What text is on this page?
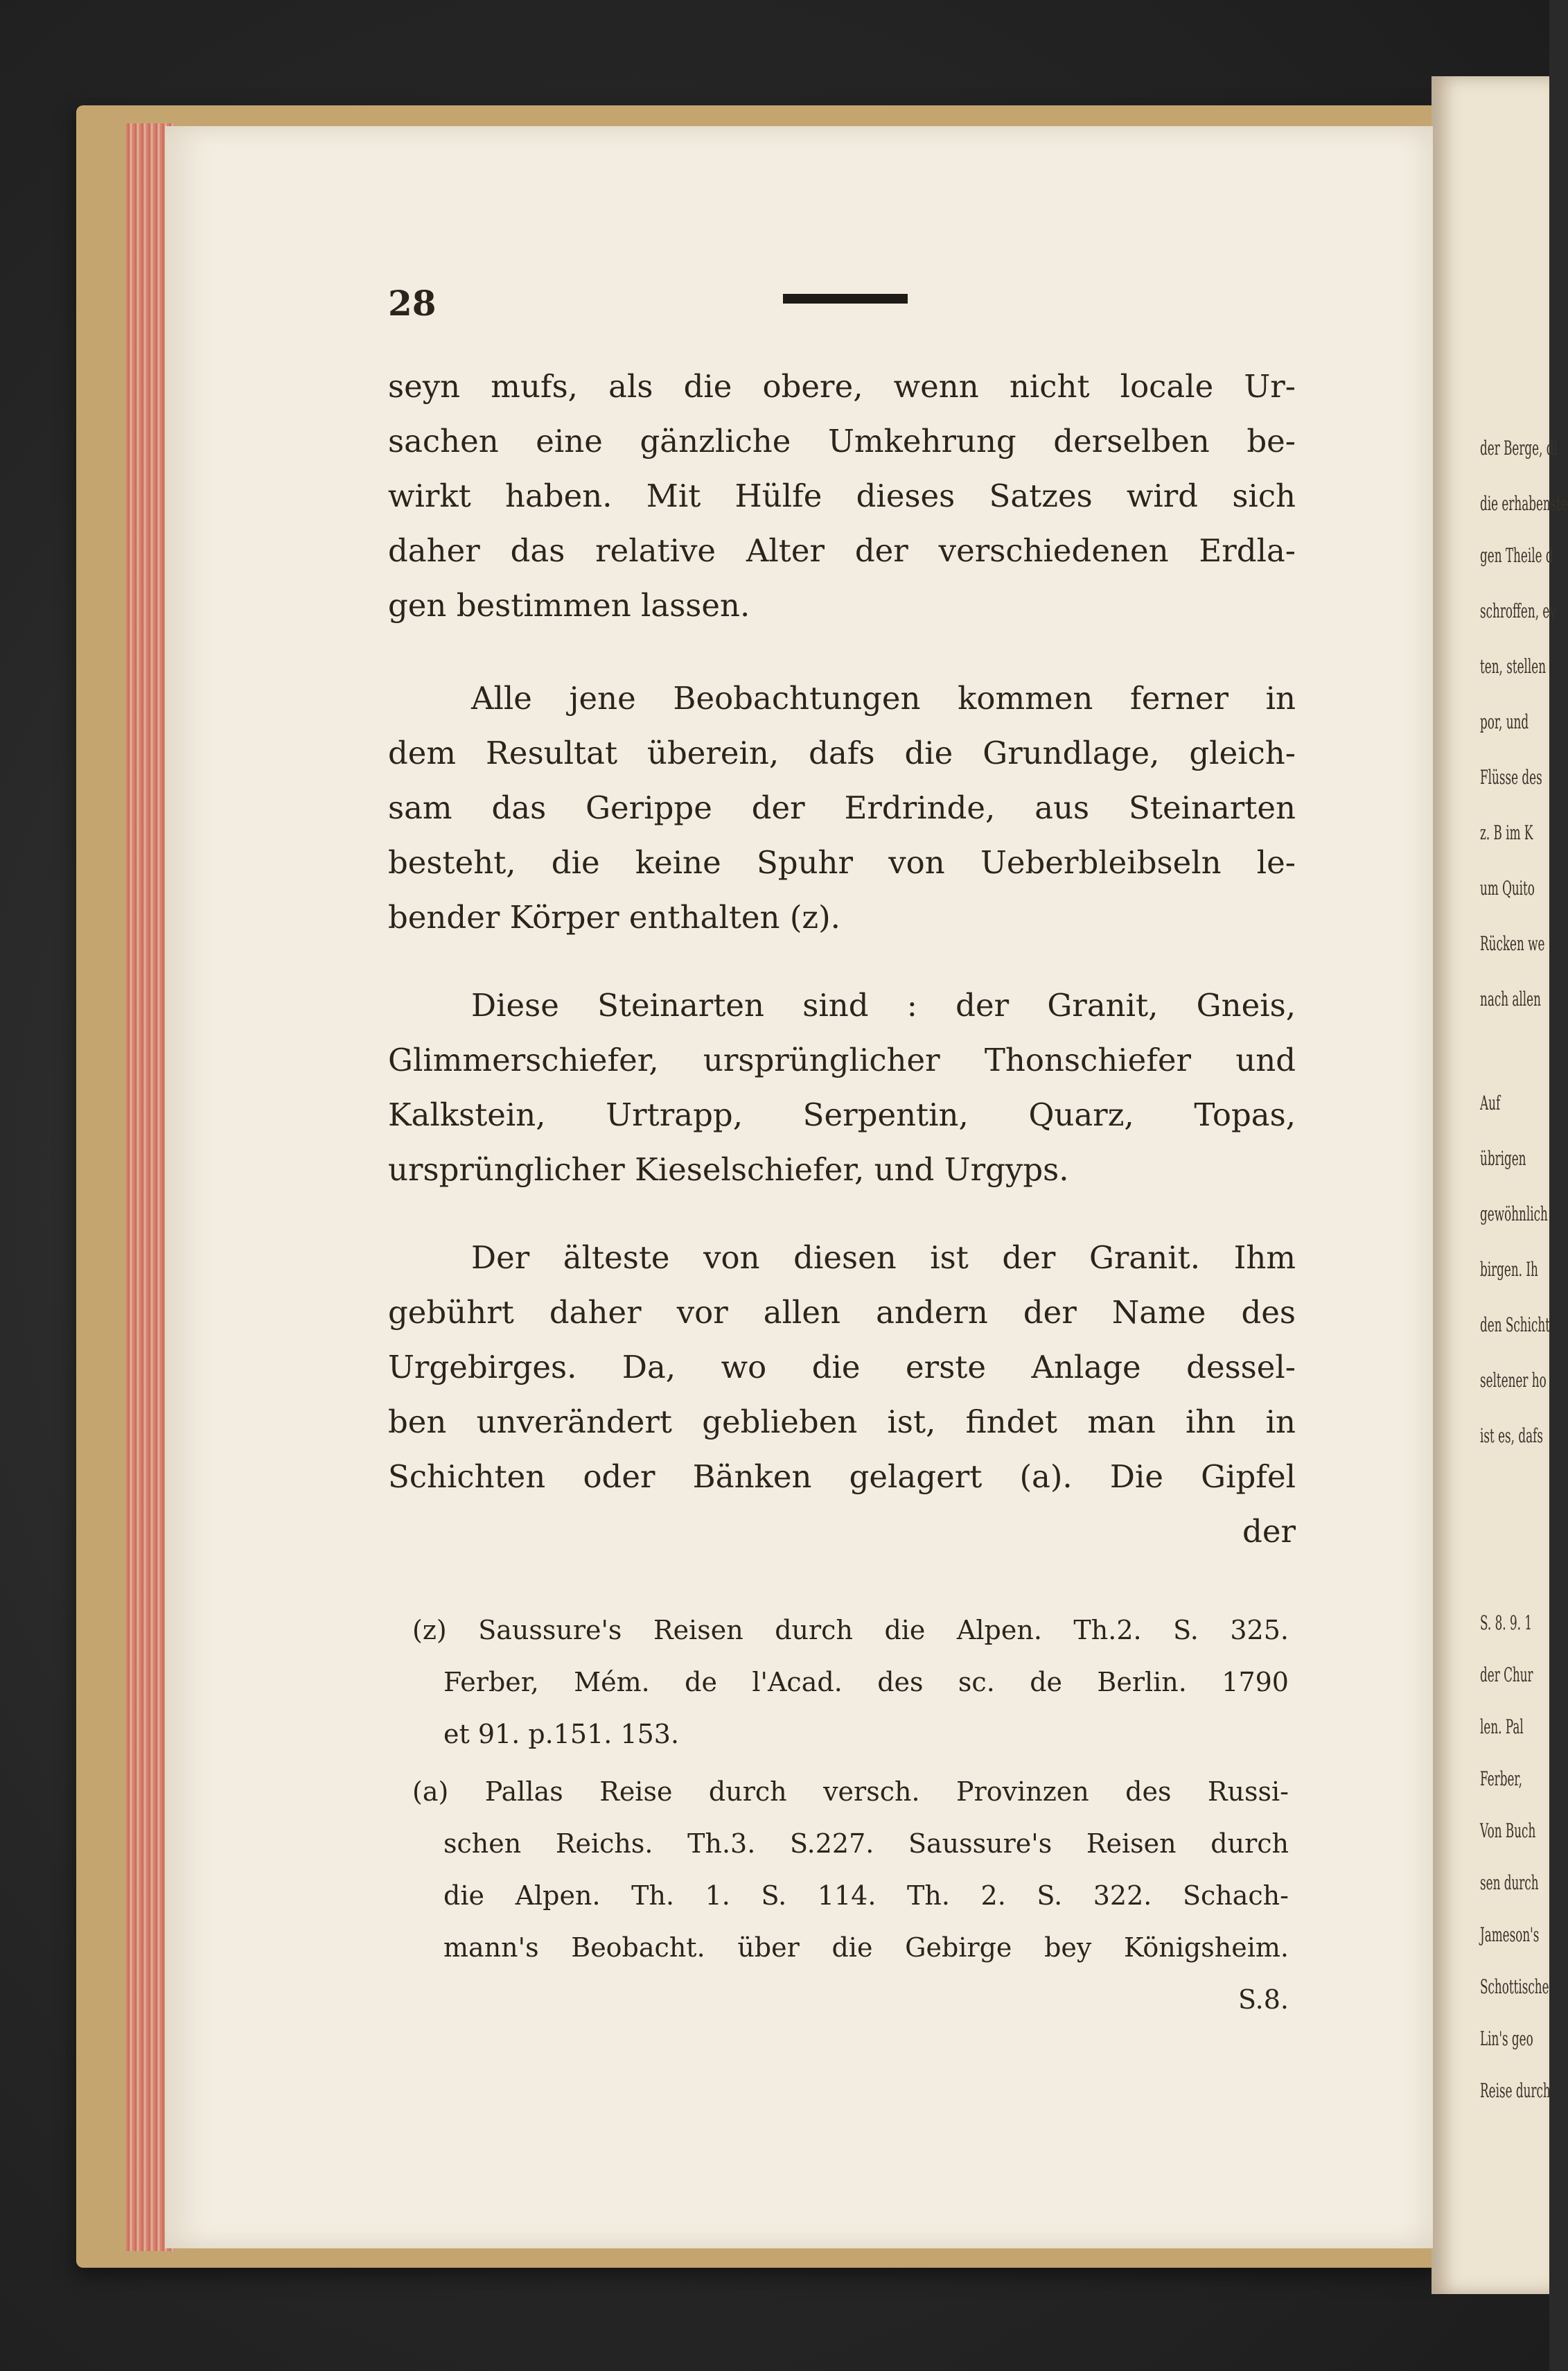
der Berge, di
die erhabenste
gen Theile d
schroffen, ev
ten, stellen
por, und
Flüsse des
z. B im K
um Quito
Rücken we
nach allen
Auf
übrigen
gewöhnlich
birgen. Ih
den Schicht
seltener ho
ist es, dafs
S. 8. 9. 1
der Chur
len. Pal
Ferber,
Von Buch
sen durch
Jameson's
Schottische
Lin's geo
Reise durch
28
seyn mufs, als die obere, wenn nicht locale Ur-
sachen eine gänzliche Umkehrung derselben be-
wirkt haben. Mit Hülfe dieses Satzes wird sich
daher das relative Alter der verschiedenen Erdla-
gen bestimmen lassen.
Alle jene Beobachtungen kommen ferner in
dem Resultat überein, dafs die Grundlage, gleich-
sam das Gerippe der Erdrinde, aus Steinarten
besteht, die keine Spuhr von Ueberbleibseln le-
bender Körper enthalten (z).
Diese Steinarten sind : der Granit, Gneis,
Glimmerschiefer, ursprünglicher Thonschiefer und
Kalkstein, Urtrapp, Serpentin, Quarz, Topas,
ursprünglicher Kieselschiefer, und Urgyps.
Der älteste von diesen ist der Granit. Ihm
gebührt daher vor allen andern der Name des
Urgebirges. Da, wo die erste Anlage dessel-
ben unverändert geblieben ist, findet man ihn in
Schichten oder Bänken gelagert (a). Die Gipfel
der
(z) Saussure's Reisen durch die Alpen. Th.2. S. 325.
Ferber, Mém. de l'Acad. des sc. de Berlin. 1790
et 91. p.151. 153.
(a) Pallas Reise durch versch. Provinzen des Russi-
schen Reichs. Th.3. S.227. Saussure's Reisen durch
die Alpen. Th. 1. S. 114. Th. 2. S. 322. Schach-
mann's Beobacht. über die Gebirge bey Königsheim.
S.8.
